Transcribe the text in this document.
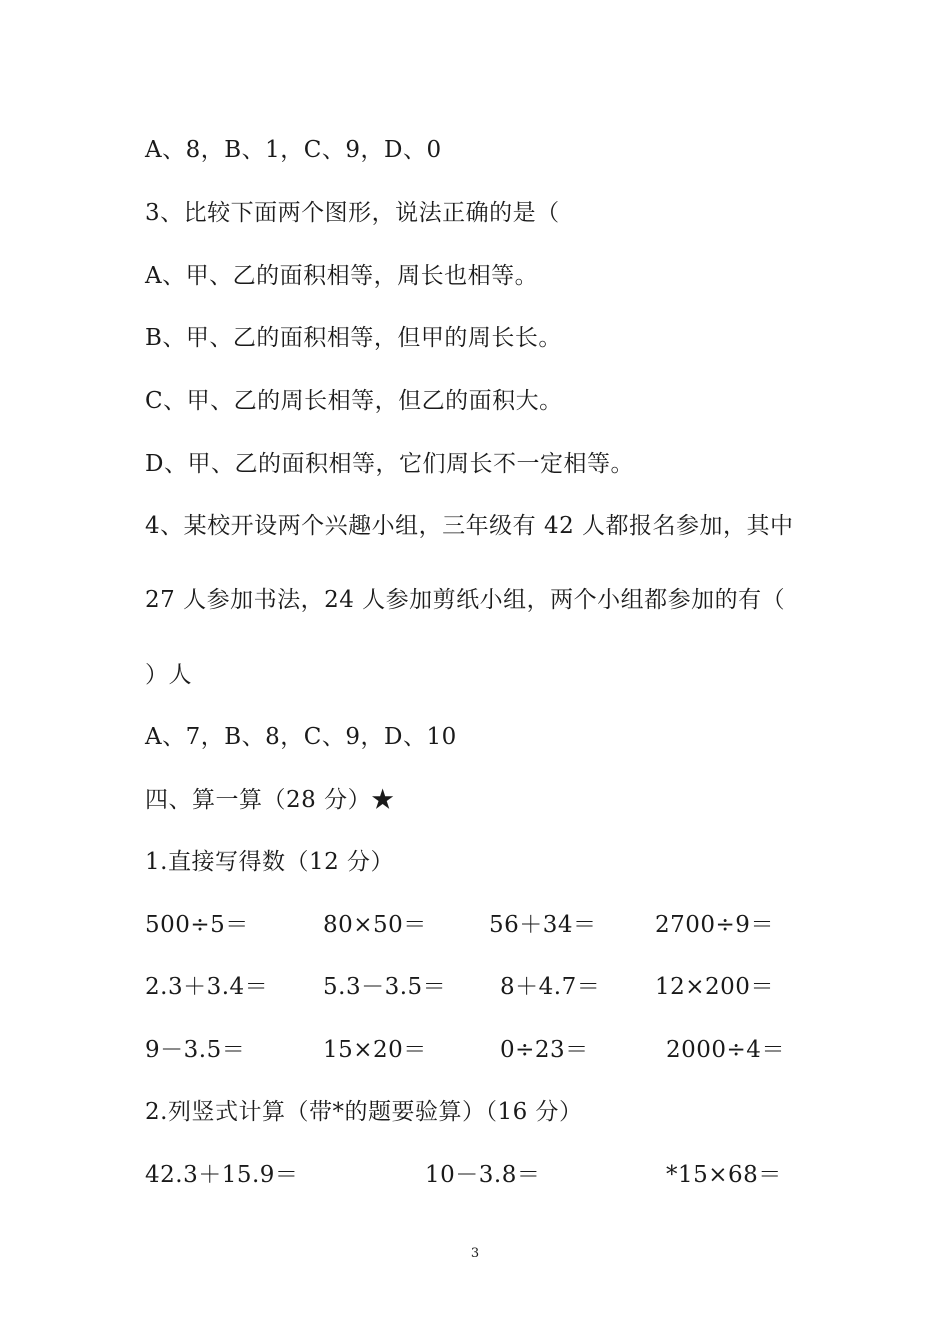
A、8，B、1，C、9，D、0
3、比较下面两个图形，说法正确的是（
A、甲、乙的面积相等，周长也相等。
B、甲、乙的面积相等，但甲的周长长。
C、甲、乙的周长相等，但乙的面积大。
D、甲、乙的面积相等，它们周长不一定相等。
4、某校开设两个兴趣小组，三年级有 42 人都报名参加，其中
27 人参加书法，24 人参加剪纸小组，两个小组都参加的有（
）人
A、7，B、8，C、9，D、10
四、算一算（28 分）★
1.直接写得数（12 分）
500÷5＝	80×50＝	56＋34＝	2700÷9＝
2.3＋3.4＝ 5.3－3.5＝ 8＋4.7＝ 12×200＝
9－3.5＝	15×20＝	0÷23＝	2000÷4＝
2.列竖式计算（带*的题要验算）（16 分）
42.3＋15.9＝	10－3.8＝	*15×68＝
3
